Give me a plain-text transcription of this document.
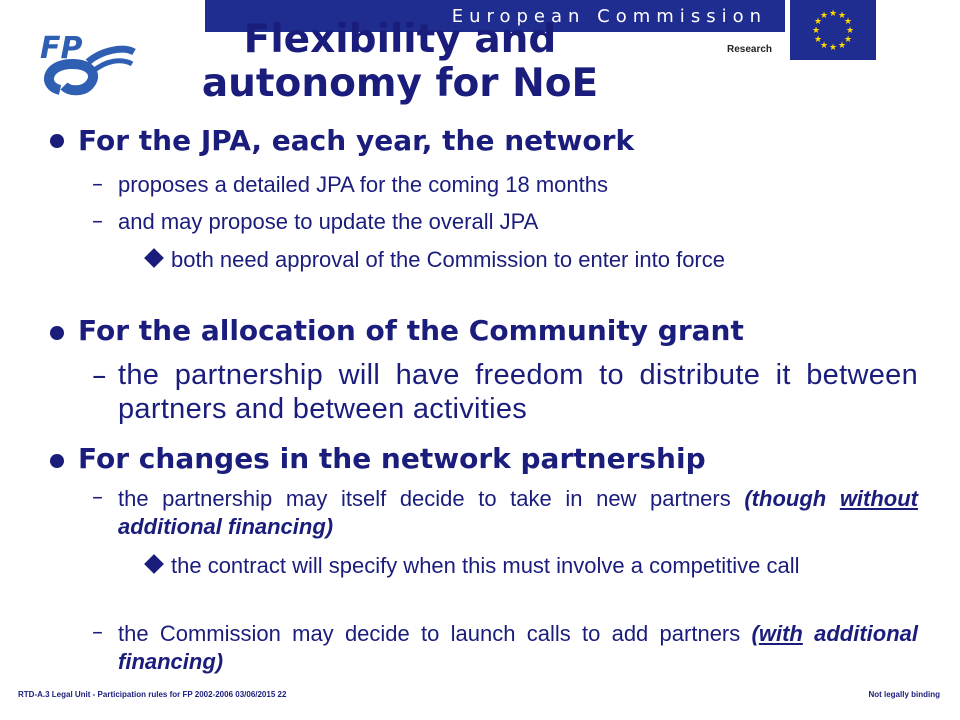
European Commission	★ ★
★
★
★
★
★
★
★
★
★
★
Research
FP	Flexibility and
autonomy for NoE
For the JPA, each year, the network
– proposes a detailed JPA for the coming 18 months
– and may propose to update the overall JPA
both need approval of the Commission to enter into force
For the allocation of the Community grant
– the partnership will have freedom to distribute it between partners and between activities
For changes in the network partnership
– the partnership may itself decide to take in new partners (though without additional financing)
the contract will specify when this must involve a competitive call
– the Commission may decide to launch calls to add partners (with additional financing)
RTD-A.3 Legal Unit - Participation rules for FP 2002-2006 03/06/2015 22	Not legally binding
